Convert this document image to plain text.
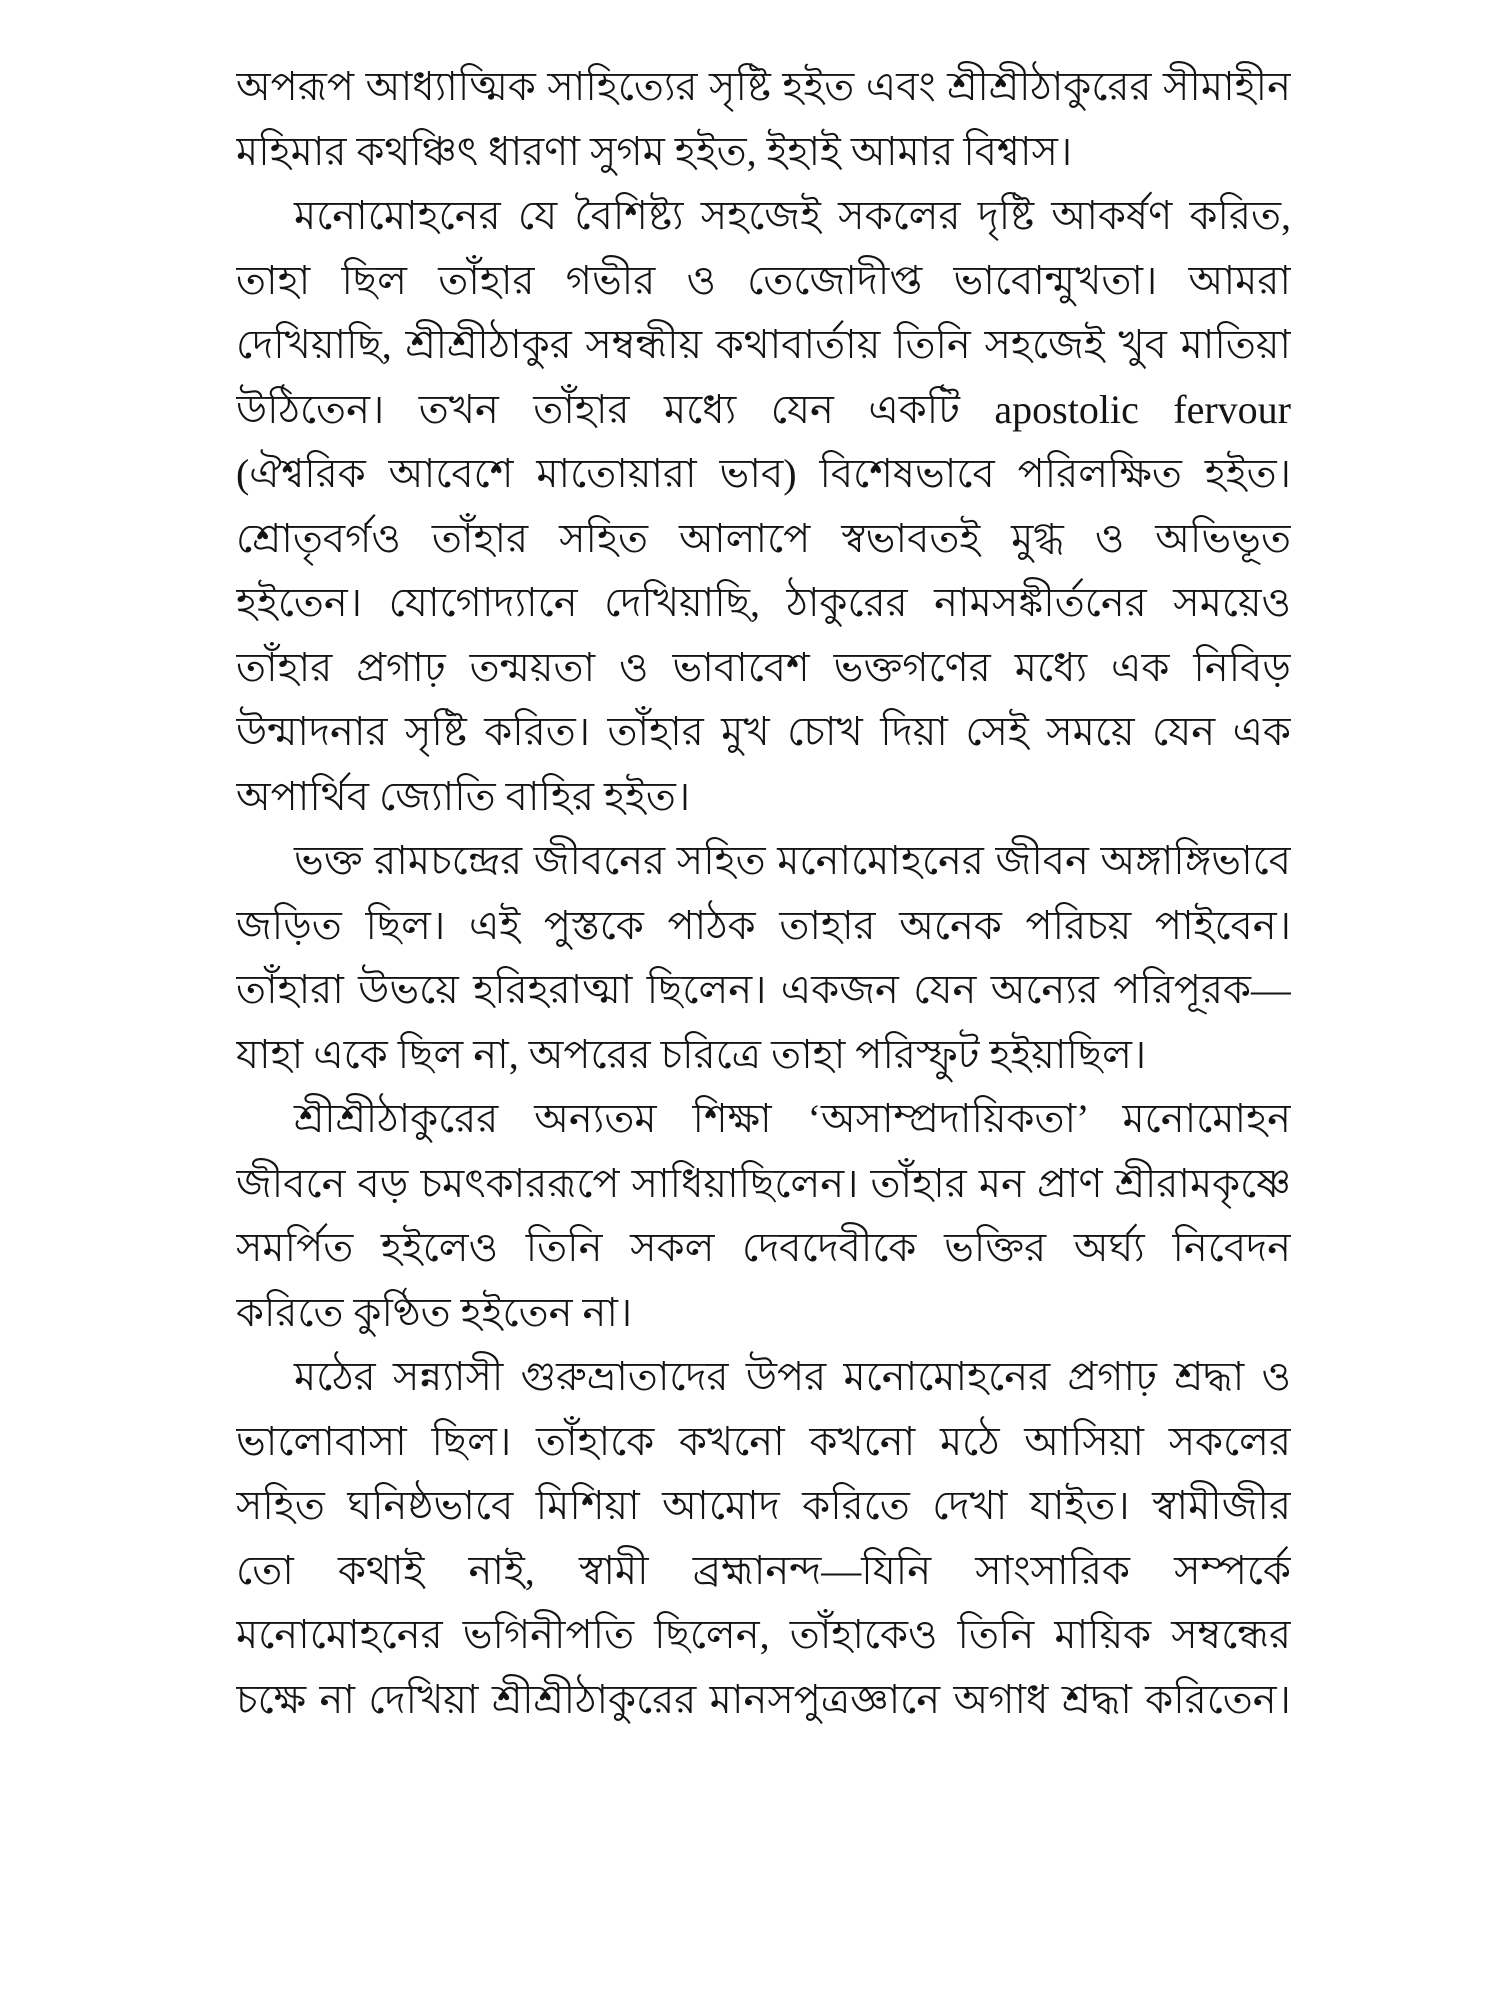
অপরূপ আধ্যাত্মিক সাহিত্যের সৃষ্টি হইত এবং শ্রীশ্রীঠাকুরের সীমাহীন
মহিমার কথঞ্চিৎ ধারণা সুগম হইত, ইহাই আমার বিশ্বাস।
মনোমোহনের যে বৈশিষ্ট্য সহজেই সকলের দৃষ্টি আকর্ষণ করিত,
তাহা ছিল তাঁহার গভীর ও তেজোদীপ্ত ভাবোন্মুখতা। আমরা
দেখিয়াছি, শ্রীশ্রীঠাকুর সম্বন্ধীয় কথাবার্তায় তিনি সহজেই খুব মাতিয়া
উঠিতেন। তখন তাঁহার মধ্যে যেন একটি apostolic fervour
(ঐশ্বরিক আবেশে মাতোয়ারা ভাব) বিশেষভাবে পরিলক্ষিত হইত।
শ্রোতৃবর্গও তাঁহার সহিত আলাপে স্বভাবতই মুগ্ধ ও অভিভূত
হইতেন। যোগোদ্যানে দেখিয়াছি, ঠাকুরের নামসঙ্কীর্তনের সময়েও
তাঁহার প্রগাঢ় তন্ময়তা ও ভাবাবেশ ভক্তগণের মধ্যে এক নিবিড়
উন্মাদনার সৃষ্টি করিত। তাঁহার মুখ চোখ দিয়া সেই সময়ে যেন এক
অপার্থিব জ্যোতি বাহির হইত।
ভক্ত রামচন্দ্রের জীবনের সহিত মনোমোহনের জীবন অঙ্গাঙ্গিভাবে
জড়িত ছিল। এই পুস্তকে পাঠক তাহার অনেক পরিচয় পাইবেন।
তাঁহারা উভয়ে হরিহরাত্মা ছিলেন। একজন যেন অন্যের পরিপূরক—
যাহা একে ছিল না, অপরের চরিত্রে তাহা পরিস্ফুট হইয়াছিল।
শ্রীশ্রীঠাকুরের অন্যতম শিক্ষা ‘অসাম্প্রদায়িকতা’ মনোমোহন
জীবনে বড় চমৎকাররূপে সাধিয়াছিলেন। তাঁহার মন প্রাণ শ্রীরামকৃষ্ণে
সমর্পিত হইলেও তিনি সকল দেবদেবীকে ভক্তির অর্ঘ্য নিবেদন
করিতে কুণ্ঠিত হইতেন না।
মঠের সন্ন্যাসী গুরুভ্রাতাদের উপর মনোমোহনের প্রগাঢ় শ্রদ্ধা ও
ভালোবাসা ছিল। তাঁহাকে কখনো কখনো মঠে আসিয়া সকলের
সহিত ঘনিষ্ঠভাবে মিশিয়া আমোদ করিতে দেখা যাইত। স্বামীজীর
তো কথাই নাই, স্বামী ব্রহ্মানন্দ—যিনি সাংসারিক সম্পর্কে
মনোমোহনের ভগিনীপতি ছিলেন, তাঁহাকেও তিনি মায়িক সম্বন্ধের
চক্ষে না দেখিয়া শ্রীশ্রীঠাকুরের মানসপুত্রজ্ঞানে অগাধ শ্রদ্ধা করিতেন।
